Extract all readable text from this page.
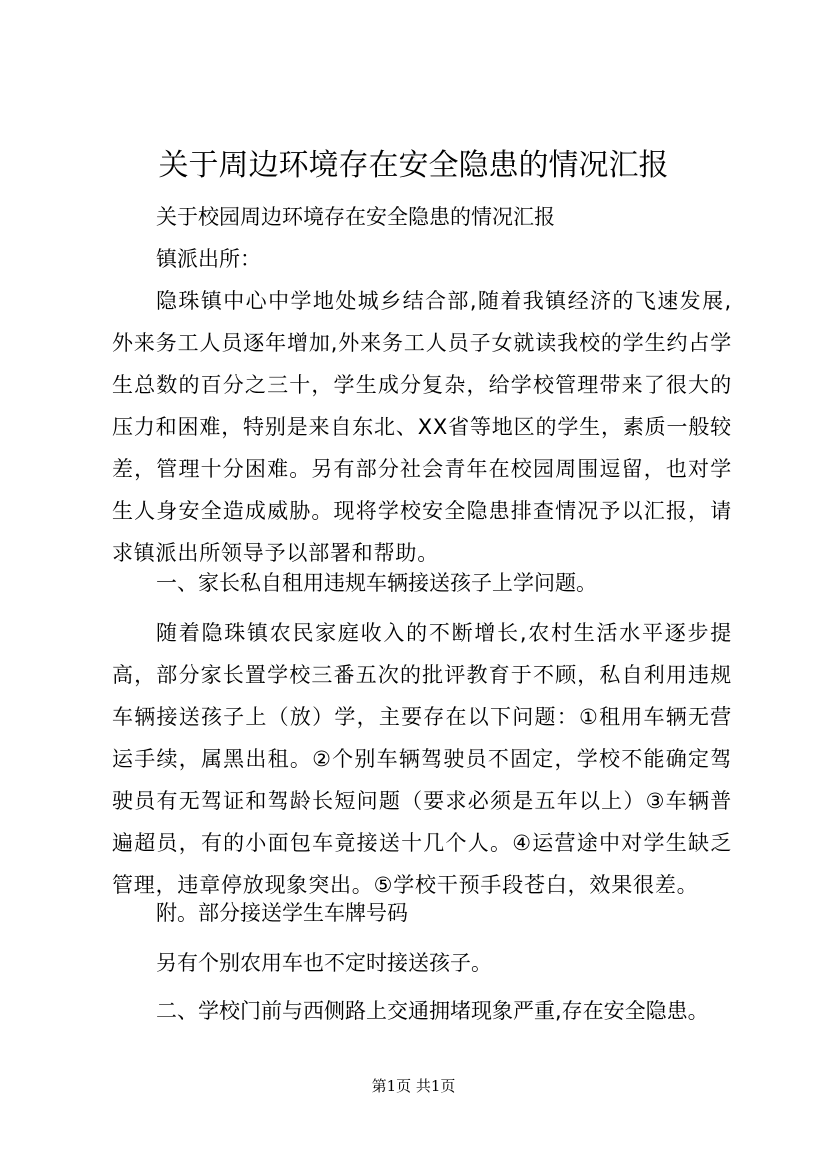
关于周边环境存在安全隐患的情况汇报
关于校园周边环境存在安全隐患的情况汇报
镇派出所：
隐珠镇中心中学地处城乡结合部,随着我镇经济的飞速发展,外来务工人员逐年增加,外来务工人员子女就读我校的学生约占学生总数的百分之三十，学生成分复杂，给学校管理带来了很大的压力和困难，特别是来自东北、XX省等地区的学生，素质一般较差，管理十分困难。另有部分社会青年在校园周围逗留，也对学生人身安全造成威胁。现将学校安全隐患排查情况予以汇报，请求镇派出所领导予以部署和帮助。
一、家长私自租用违规车辆接送孩子上学问题。
随着隐珠镇农民家庭收入的不断增长,农村生活水平逐步提高，部分家长置学校三番五次的批评教育于不顾，私自利用违规车辆接送孩子上（放）学，主要存在以下问题：①租用车辆无营运手续，属黑出租。②个别车辆驾驶员不固定，学校不能确定驾驶员有无驾证和驾龄长短问题（要求必须是五年以上）③车辆普遍超员，有的小面包车竟接送十几个人。④运营途中对学生缺乏管理，违章停放现象突出。⑤学校干预手段苍白，效果很差。
附。部分接送学生车牌号码
另有个别农用车也不定时接送孩子。
二、学校门前与西侧路上交通拥堵现象严重,存在安全隐患。
第1页 共1页
